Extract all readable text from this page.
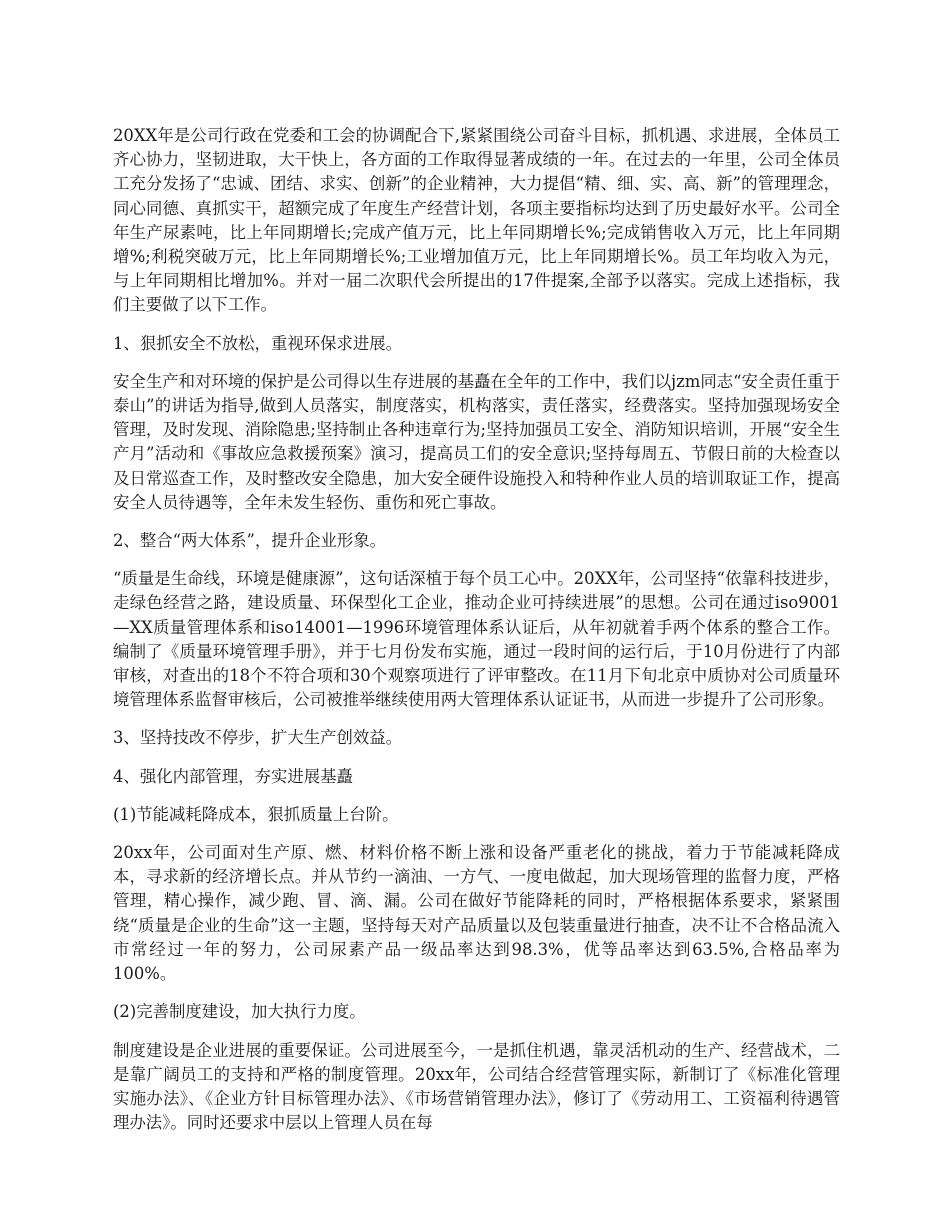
20XX年是公司行政在党委和工会的协调配合下,紧紧围绕公司奋斗目标，抓机遇、求进展，全体员工齐心协力，坚韧进取，大干快上，各方面的工作取得显著成绩的一年。在过去的一年里，公司全体员工充分发扬了“忠诚、团结、求实、创新”的企业精神，大力提倡“精、细、实、高、新”的管理理念，同心同德、真抓实干，超额完成了年度生产经营计划，各项主要指标均达到了历史最好水平。公司全年生产尿素吨，比上年同期增长;完成产值万元，比上年同期增长%;完成销售收入万元，比上年同期增%;利税突破万元，比上年同期增长%;工业增加值万元，比上年同期增长%。员工年均收入为元，与上年同期相比增加%。并对一届二次职代会所提出的17件提案,全部予以落实。完成上述指标，我们主要做了以下工作。

1、狠抓安全不放松，重视环保求进展。

安全生产和对环境的保护是公司得以生存进展的基矗在全年的工作中，我们以jzm同志“安全责任重于泰山”的讲话为指导,做到人员落实，制度落实，机构落实，责任落实，经费落实。坚持加强现场安全管理，及时发现、消除隐患;坚持制止各种违章行为;坚持加强员工安全、消防知识培训，开展“安全生产月”活动和《事故应急救援预案》演习，提高员工们的安全意识;坚持每周五、节假日前的大检查以及日常巡查工作，及时整改安全隐患，加大安全硬件设施投入和特种作业人员的培训取证工作，提高安全人员待遇等，全年未发生轻伤、重伤和死亡事故。

2、整合“两大体系”，提升企业形象。

“质量是生命线，环境是健康源”，这句话深植于每个员工心中。20XX年，公司坚持“依靠科技进步，走绿色经营之路，建设质量、环保型化工企业，推动企业可持续进展”的思想。公司在通过iso9001—XX质量管理体系和iso14001—1996环境管理体系认证后，从年初就着手两个体系的整合工作。编制了《质量环境管理手册》，并于七月份发布实施，通过一段时间的运行后，于10月份进行了内部审核，对查出的18个不符合项和30个观察项进行了评审整改。在11月下旬北京中质协对公司质量环境管理体系监督审核后，公司被推举继续使用两大管理体系认证证书，从而进一步提升了公司形象。

3、坚持技改不停步，扩大生产创效益。

4、强化内部管理，夯实进展基矗

(1)节能减耗降成本，狠抓质量上台阶。

20xx年，公司面对生产原、燃、材料价格不断上涨和设备严重老化的挑战，着力于节能减耗降成本，寻求新的经济增长点。并从节约一滴油、一方气、一度电做起，加大现场管理的监督力度，严格管理，精心操作，减少跑、冒、滴、漏。公司在做好节能降耗的同时，严格根据体系要求，紧紧围绕“质量是企业的生命”这一主题，坚持每天对产品质量以及包装重量进行抽查，决不让不合格品流入市常经过一年的努力，公司尿素产品一级品率达到98.3%，优等品率达到63.5%,合格品率为100%。

(2)完善制度建设，加大执行力度。

制度建设是企业进展的重要保证。公司进展至今，一是抓住机遇，靠灵活机动的生产、经营战术，二是靠广阔员工的支持和严格的制度管理。20xx年，公司结合经营管理实际，新制订了《标准化管理实施办法》、《企业方针目标管理办法》、《市场营销管理办法》，修订了《劳动用工、工资福利待遇管理办法》。同时还要求中层以上管理人员在每
